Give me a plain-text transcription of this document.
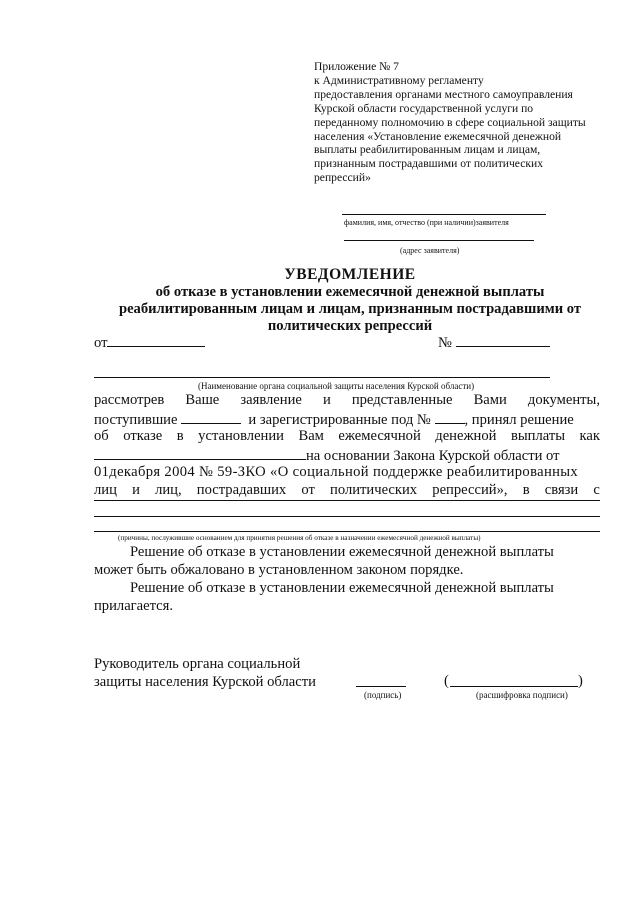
Приложение № 7
к Административному регламенту
предоставления органами местного самоуправления
Курской области государственной услуги по
переданному полномочию в сфере социальной защиты
населения «Установление ежемесячной денежной
выплаты реабилитированным лицам и лицам,
признанным пострадавшими от политических
репрессий»
фамилия, имя, отчество (при наличии)заявителя
(адрес заявителя)
УВЕДОМЛЕНИЕ
об отказе в установлении ежемесячной денежной выплаты
реабилитированным лицам и лицам, признанным пострадавшими от
политических репрессий
от	№
(Наименование органа социальной защиты населения Курской области)
рассмотрев Ваше заявление и представленные Вами документы,
поступившие	и зарегистрированные под № , принял решение
об отказе в установлении Вам ежемесячной денежной выплаты как
на основании Закона Курской области от
01декабря 2004 № 59-ЗКО «О социальной поддержке реабилитированных
лиц и лиц, пострадавших от политических репрессий», в связи с
(причины, послужившие основанием для принятия решения об отказе в назначении ежемесячной денежной выплаты)
Решение об отказе в установлении ежемесячной денежной выплаты
может быть обжаловано в установленном законом порядке.
Решение об отказе в установлении ежемесячной денежной выплаты
прилагается.
Руководитель органа социальной
защиты населения Курской области
(подпись)
(	)
(расшифровка подписи)
